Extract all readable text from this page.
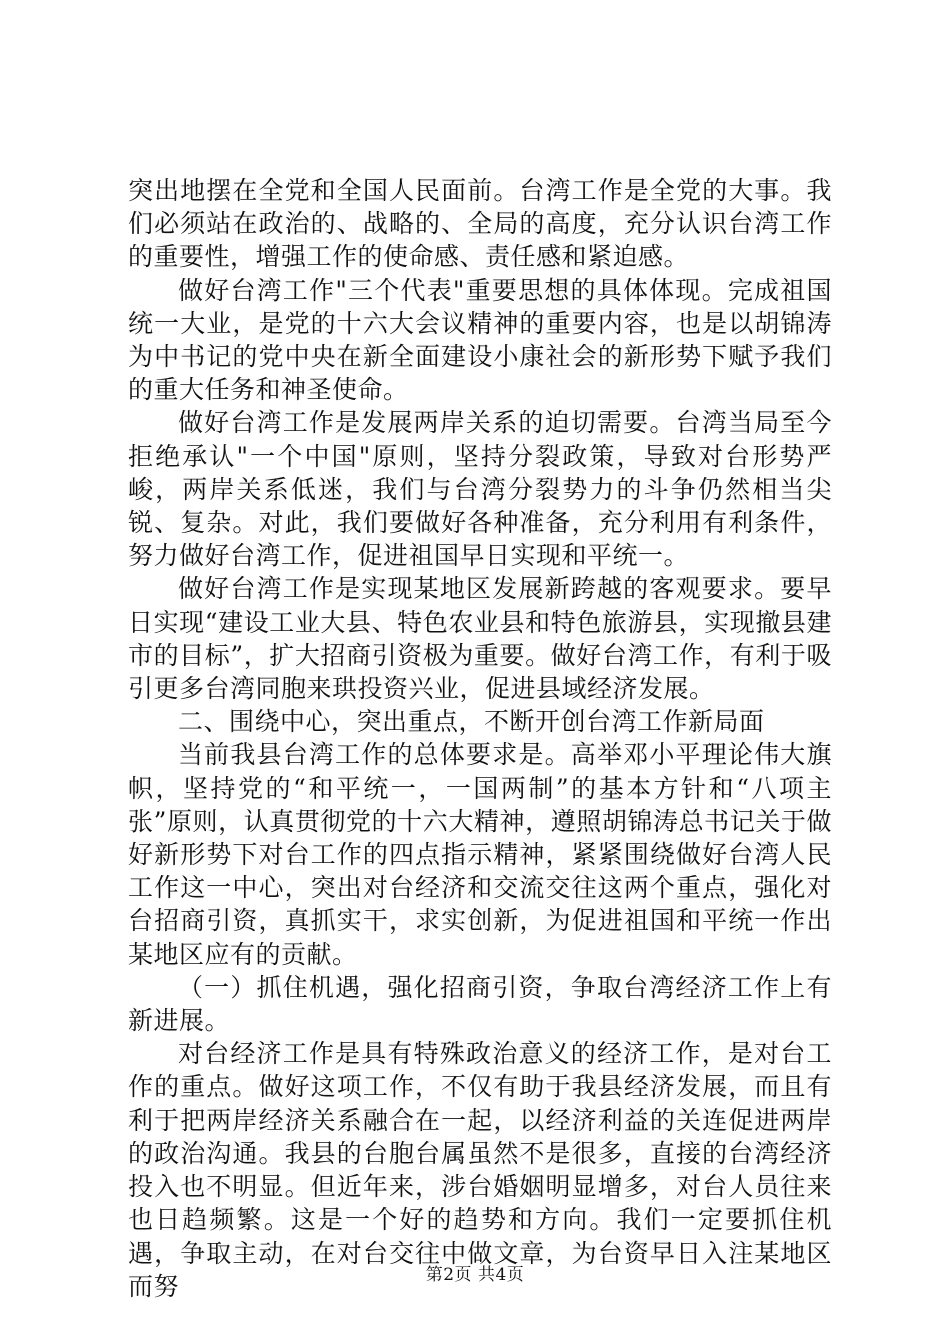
突出地摆在全党和全国人民面前。台湾工作是全党的大事。我们必须站在政治的、战略的、全局的高度，充分认识台湾工作的重要性，增强工作的使命感、责任感和紧迫感。

做好台湾工作"三个代表"重要思想的具体体现。完成祖国统一大业，是党的十六大会议精神的重要内容，也是以胡锦涛为中书记的党中央在新全面建设小康社会的新形势下赋予我们的重大任务和神圣使命。

做好台湾工作是发展两岸关系的迫切需要。台湾当局至今拒绝承认"一个中国"原则，坚持分裂政策，导致对台形势严峻，两岸关系低迷，我们与台湾分裂势力的斗争仍然相当尖锐、复杂。对此，我们要做好各种准备，充分利用有利条件，努力做好台湾工作，促进祖国早日实现和平统一。

做好台湾工作是实现某地区发展新跨越的客观要求。要早日实现“建设工业大县、特色农业县和特色旅游县，实现撤县建市的目标”，扩大招商引资极为重要。做好台湾工作，有利于吸引更多台湾同胞来珙投资兴业，促进县域经济发展。

二、围绕中心，突出重点，不断开创台湾工作新局面

当前我县台湾工作的总体要求是。高举邓小平理论伟大旗帜，坚持党的“和平统一，一国两制”的基本方针和“八项主张”原则，认真贯彻党的十六大精神，遵照胡锦涛总书记关于做好新形势下对台工作的四点指示精神，紧紧围绕做好台湾人民工作这一中心，突出对台经济和交流交往这两个重点，强化对台招商引资，真抓实干，求实创新，为促进祖国和平统一作出某地区应有的贡献。

（一）抓住机遇，强化招商引资，争取台湾经济工作上有新进展。

对台经济工作是具有特殊政治意义的经济工作，是对台工作的重点。做好这项工作，不仅有助于我县经济发展，而且有利于把两岸经济关系融合在一起，以经济利益的关连促进两岸的政治沟通。我县的台胞台属虽然不是很多，直接的台湾经济投入也不明显。但近年来，涉台婚姻明显增多，对台人员往来也日趋频繁。这是一个好的趋势和方向。我们一定要抓住机遇，争取主动，在对台交往中做文章，为台资早日入注某地区而努	第2页 共4页
